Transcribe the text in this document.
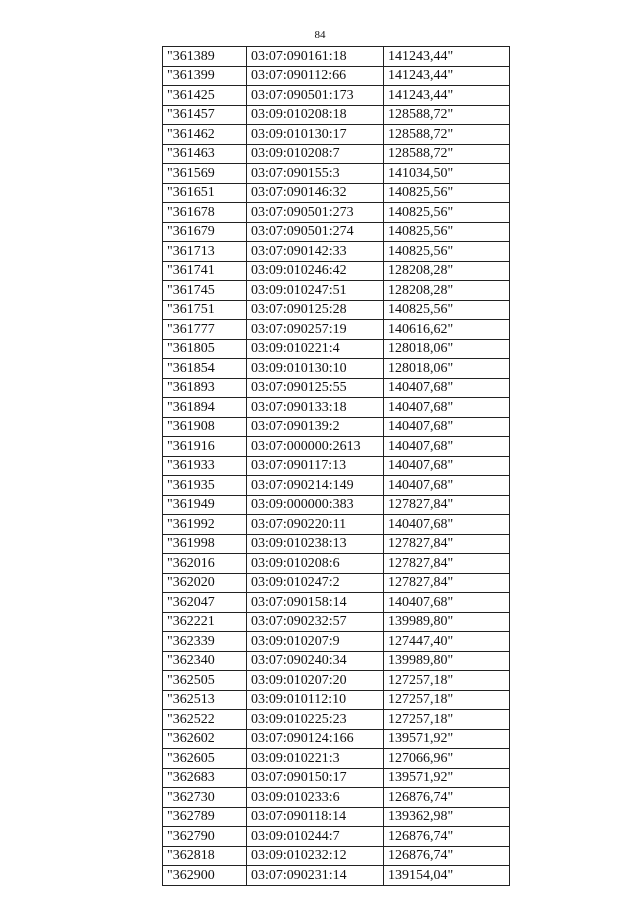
84
"361389	03:07:090161:18	141243,44"
"361399	03:07:090112:66	141243,44"
"361425	03:07:090501:173	141243,44"
"361457	03:09:010208:18	128588,72"
"361462	03:09:010130:17	128588,72"
"361463	03:09:010208:7	128588,72"
"361569	03:07:090155:3	141034,50"
"361651	03:07:090146:32	140825,56"
"361678	03:07:090501:273	140825,56"
"361679	03:07:090501:274	140825,56"
"361713	03:07:090142:33	140825,56"
"361741	03:09:010246:42	128208,28"
"361745	03:09:010247:51	128208,28"
"361751	03:07:090125:28	140825,56"
"361777	03:07:090257:19	140616,62"
"361805	03:09:010221:4	128018,06"
"361854	03:09:010130:10	128018,06"
"361893	03:07:090125:55	140407,68"
"361894	03:07:090133:18	140407,68"
"361908	03:07:090139:2	140407,68"
"361916	03:07:000000:2613	140407,68"
"361933	03:07:090117:13	140407,68"
"361935	03:07:090214:149	140407,68"
"361949	03:09:000000:383	127827,84"
"361992	03:07:090220:11	140407,68"
"361998	03:09:010238:13	127827,84"
"362016	03:09:010208:6	127827,84"
"362020	03:09:010247:2	127827,84"
"362047	03:07:090158:14	140407,68"
"362221	03:07:090232:57	139989,80"
"362339	03:09:010207:9	127447,40"
"362340	03:07:090240:34	139989,80"
"362505	03:09:010207:20	127257,18"
"362513	03:09:010112:10	127257,18"
"362522	03:09:010225:23	127257,18"
"362602	03:07:090124:166	139571,92"
"362605	03:09:010221:3	127066,96"
"362683	03:07:090150:17	139571,92"
"362730	03:09:010233:6	126876,74"
"362789	03:07:090118:14	139362,98"
"362790	03:09:010244:7	126876,74"
"362818	03:09:010232:12	126876,74"
"362900	03:07:090231:14	139154,04"
